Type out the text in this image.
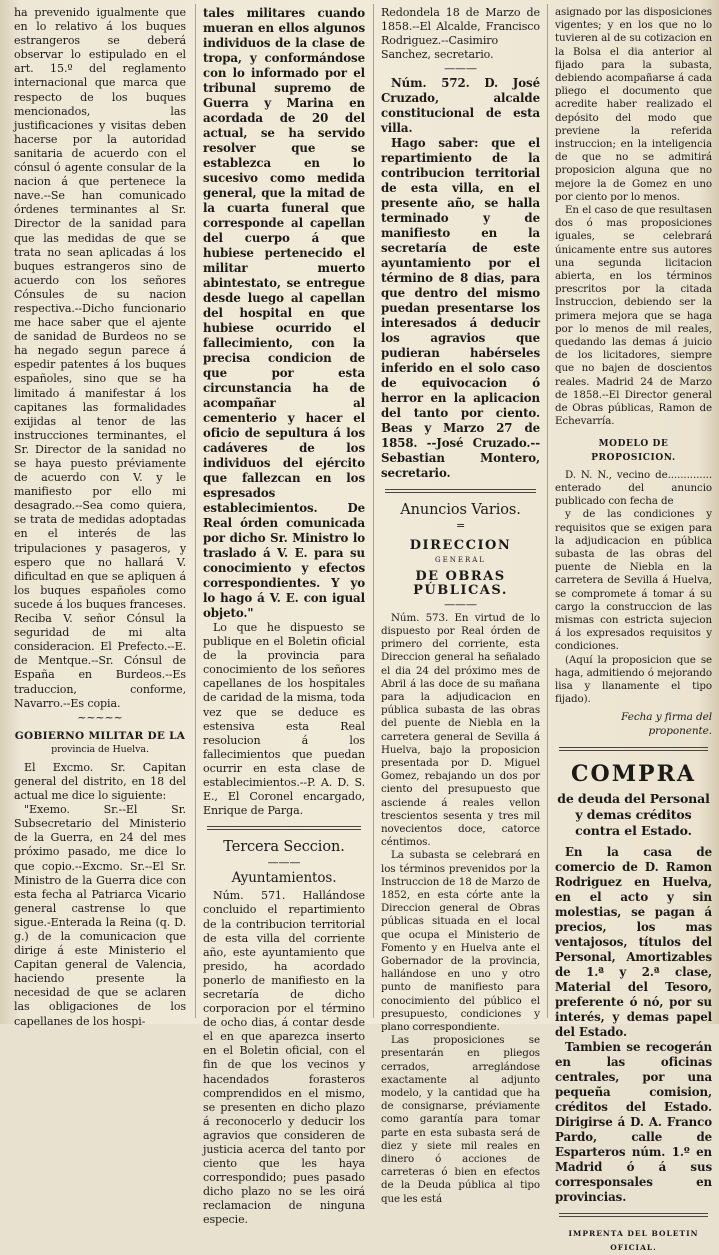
ha prevenido igualmente que en lo relativo á los buques estrangeros se deberá observar lo estipulado en el art. 15.º del reglamento internacional que marca que respecto de los buques mencionados, las justificaciones y visitas deben hacerse por la autoridad sanitaria de acuerdo con el cónsul ó agente consular de la nacion á que pertenece la nave.--Se han comunicado órdenes terminantes al Sr. Director de la sanidad para que las medidas de que se trata no sean aplicadas á los buques estrangeros sino de acuerdo con los señores Cónsules de su nacion respectiva.--Dicho funcionario me hace saber que el ajente de sanidad de Burdeos no se ha negado segun parece á espedir patentes á los buques españoles, sino que se ha limitado á manifestar á los capitanes las formalidades exijidas al tenor de las instrucciones terminantes, el Sr. Director de la sanidad no se haya puesto préviamente de acuerdo con V. y le manifiesto por ello mi desagrado.--Sea como quiera, se trata de medidas adoptadas en el interés de las tripulaciones y pasageros, y espero que no hallará V. dificultad en que se apliquen á los buques españoles como sucede á los buques franceses. Reciba V. señor Cónsul la seguridad de mi alta consideracion. El Prefecto.--E. de Mentque.--Sr. Cónsul de España en Burdeos.--Es traduccion, conforme, Navarro.--Es copia.

~~~~~
GOBIERNO MILITAR DE LA

provincia de Huelva.

El Excmo. Sr. Capitan general del distrito, en 18 del actual me dice lo siguiente:

"Exemo. Sr.--El Sr. Subsecretario del Ministerio de la Guerra, en 24 del mes próximo pasado, me dice lo que copio.--Excmo. Sr.--El Sr. Ministro de la Guerra dice con esta fecha al Patriarca Vicario general castrense lo que sigue.-Enterada la Reina (q. D. g.) de la comunicacion que dirige á este Ministerio el Capitan general de Valencia, haciendo presente la necesidad de que se aclaren las obligaciones de los capellanes de los hospi-

tales militares cuando mueran en ellos algunos individuos de la clase de tropa, y conformándose con lo informado por el tribunal supremo de Guerra y Marina en acordada de 20 del actual, se ha servido resolver que se establezca en lo sucesivo como medida general, que la mitad de la cuarta funeral que corresponde al capellan del cuerpo á que hubiese pertenecido el militar muerto abintestato, se entregue desde luego al capellan del hospital en que hubiese ocurrido el fallecimiento, con la precisa condicion de que por esta circunstancia ha de acompañar al cementerio y hacer el oficio de sepultura á los cadáveres de los individuos del ejército que fallezcan en los espresados establecimientos. De Real órden comunicada por dicho Sr. Ministro lo traslado á V. E. para su conocimiento y efectos correspondientes. Y yo lo hago á V. E. con igual objeto."

Lo que he dispuesto se publique en el Boletin oficial de la provincia para conocimiento de los señores capellanes de los hospitales de caridad de la misma, toda vez que se deduce es estensiva esta Real resolucion á los fallecimientos que puedan ocurrir en esta clase de establecimientos.--P. A. D. S. E., El Coronel encargado, Enrique de Parga.

Tercera Seccion.
———
Ayuntamientos.

Núm. 571. Hallándose concluido el repartimiento de la contribucion territorial de esta villa del corriente año, este ayuntamiento que presido, ha acordado ponerlo de manifiesto en la secretaría de dicho corporacion por el término de ocho dias, á contar desde el en que aparezca inserto en el Boletin oficial, con el fin de que los vecinos y hacendados forasteros comprendidos en el mismo, se presenten en dicho plazo á reconocerlo y deducir los agravios que consideren de justicia acerca del tanto por ciento que les haya correspondido; pues pasado dicho plazo no se les oirá reclamacion de ninguna especie.

Redondela 18 de Marzo de 1858.--El Alcalde, Francisco Rodriguez.--Casimiro Sanchez, secretario.

———

Núm. 572. D. José Cruzado, alcalde constitucional de esta villa.

Hago saber: que el repartimiento de la contribucion territorial de esta villa, en el presente año, se halla terminado y de manifiesto en la secretaría de este ayuntamiento por el término de 8 dias, para que dentro del mismo puedan presentarse los interesados á deducir los agravios que pudieran habérseles inferido en el solo caso de equivocacion ó herror en la aplicacion del tanto por ciento. Beas y Marzo 27 de 1858. --José Cruzado.--Sebastian Montero, secretario.

Anuncios Varios.
=
DIRECCION
GENERAL
DE OBRAS PÚBLICAS.
———

Núm. 573. En virtud de lo dispuesto por Real órden de primero del corriente, esta Direccion general ha señalado el dia 24 del próximo mes de Abril á las doce de su mañana para la adjudicacion en pública subasta de las obras del puente de Niebla en la carretera general de Sevilla á Huelva, bajo la proposicion presentada por D. Miguel Gomez, rebajando un dos por ciento del presupuesto que asciende á reales vellon trescientos sesenta y tres mil novecientos doce, catorce céntimos.

La subasta se celebrará en los términos prevenidos por la Instruccion de 18 de Marzo de 1852, en esta córte ante la Direccion general de Obras públicas situada en el local que ocupa el Ministerio de Fomento y en Huelva ante el Gobernador de la provincia, hallándose en uno y otro punto de manifiesto para conocimiento del público el presupuesto, condiciones y plano correspondiente.

Las proposiciones se presentarán en pliegos cerrados, arreglándose exactamente al adjunto modelo, y la cantidad que ha de consignarse, préviamente como garantía para tomar parte en esta subasta será de diez y siete mil reales en dinero ó acciones de carreteras ó bien en efectos de la Deuda pública al tipo que les está

asignado por las disposiciones vigentes; y en los que no lo tuvieren al de su cotizacion en la Bolsa el dia anterior al fijado para la subasta, debiendo acompañarse á cada pliego el documento que acredite haber realizado el depósito del modo que previene la referida instruccion; en la inteligencia de que no se admitirá proposicion alguna que no mejore la de Gomez en uno por ciento por lo menos.

En el caso de que resultasen dos ó mas proposiciones iguales, se celebrará únicamente entre sus autores una segunda licitacion abierta, en los términos prescritos por la citada Instruccion, debiendo ser la primera mejora que se haga por lo menos de mil reales, quedando las demas á juicio de los licitadores, siempre que no bajen de doscientos reales. Madrid 24 de Marzo de 1858.--El Director general de Obras públicas, Ramon de Echevarría.

MODELO DE PROPOSICION.

D. N. N., vecino de.............. enterado del anuncio publicado con fecha de

y de las condiciones y requisitos que se exigen para la adjudicacion en pública subasta de las obras del puente de Niebla en la carretera de Sevilla á Huelva, se compromete á tomar á su cargo la construccion de las mismas con estricta sujecion á los expresados requisitos y condiciones.

(Aquí la proposicion que se haga, admitiendo ó mejorando lisa y llanamente el tipo fijado).

Fecha y firma del proponente.
COMPRA
de deuda del Personal y demas créditos contra el Estado.

En la casa de comercio de D. Ramon Rodriguez en Huelva, en el acto y sin molestias, se pagan á precios, los mas ventajosos, títulos del Personal, Amortizables de 1.ª y 2.ª clase, Material del Tesoro, preferente ó nó, por su interés, y demas papel del Estado.

Tambien se recogerán en las oficinas centrales, por una pequeña comision, créditos del Estado. Dirigirse á D. A. Franco Pardo, calle de Esparteros núm. 1.º en Madrid ó á sus corresponsales en provincias.

IMPRENTA DEL BOLETIN OFICIAL.
